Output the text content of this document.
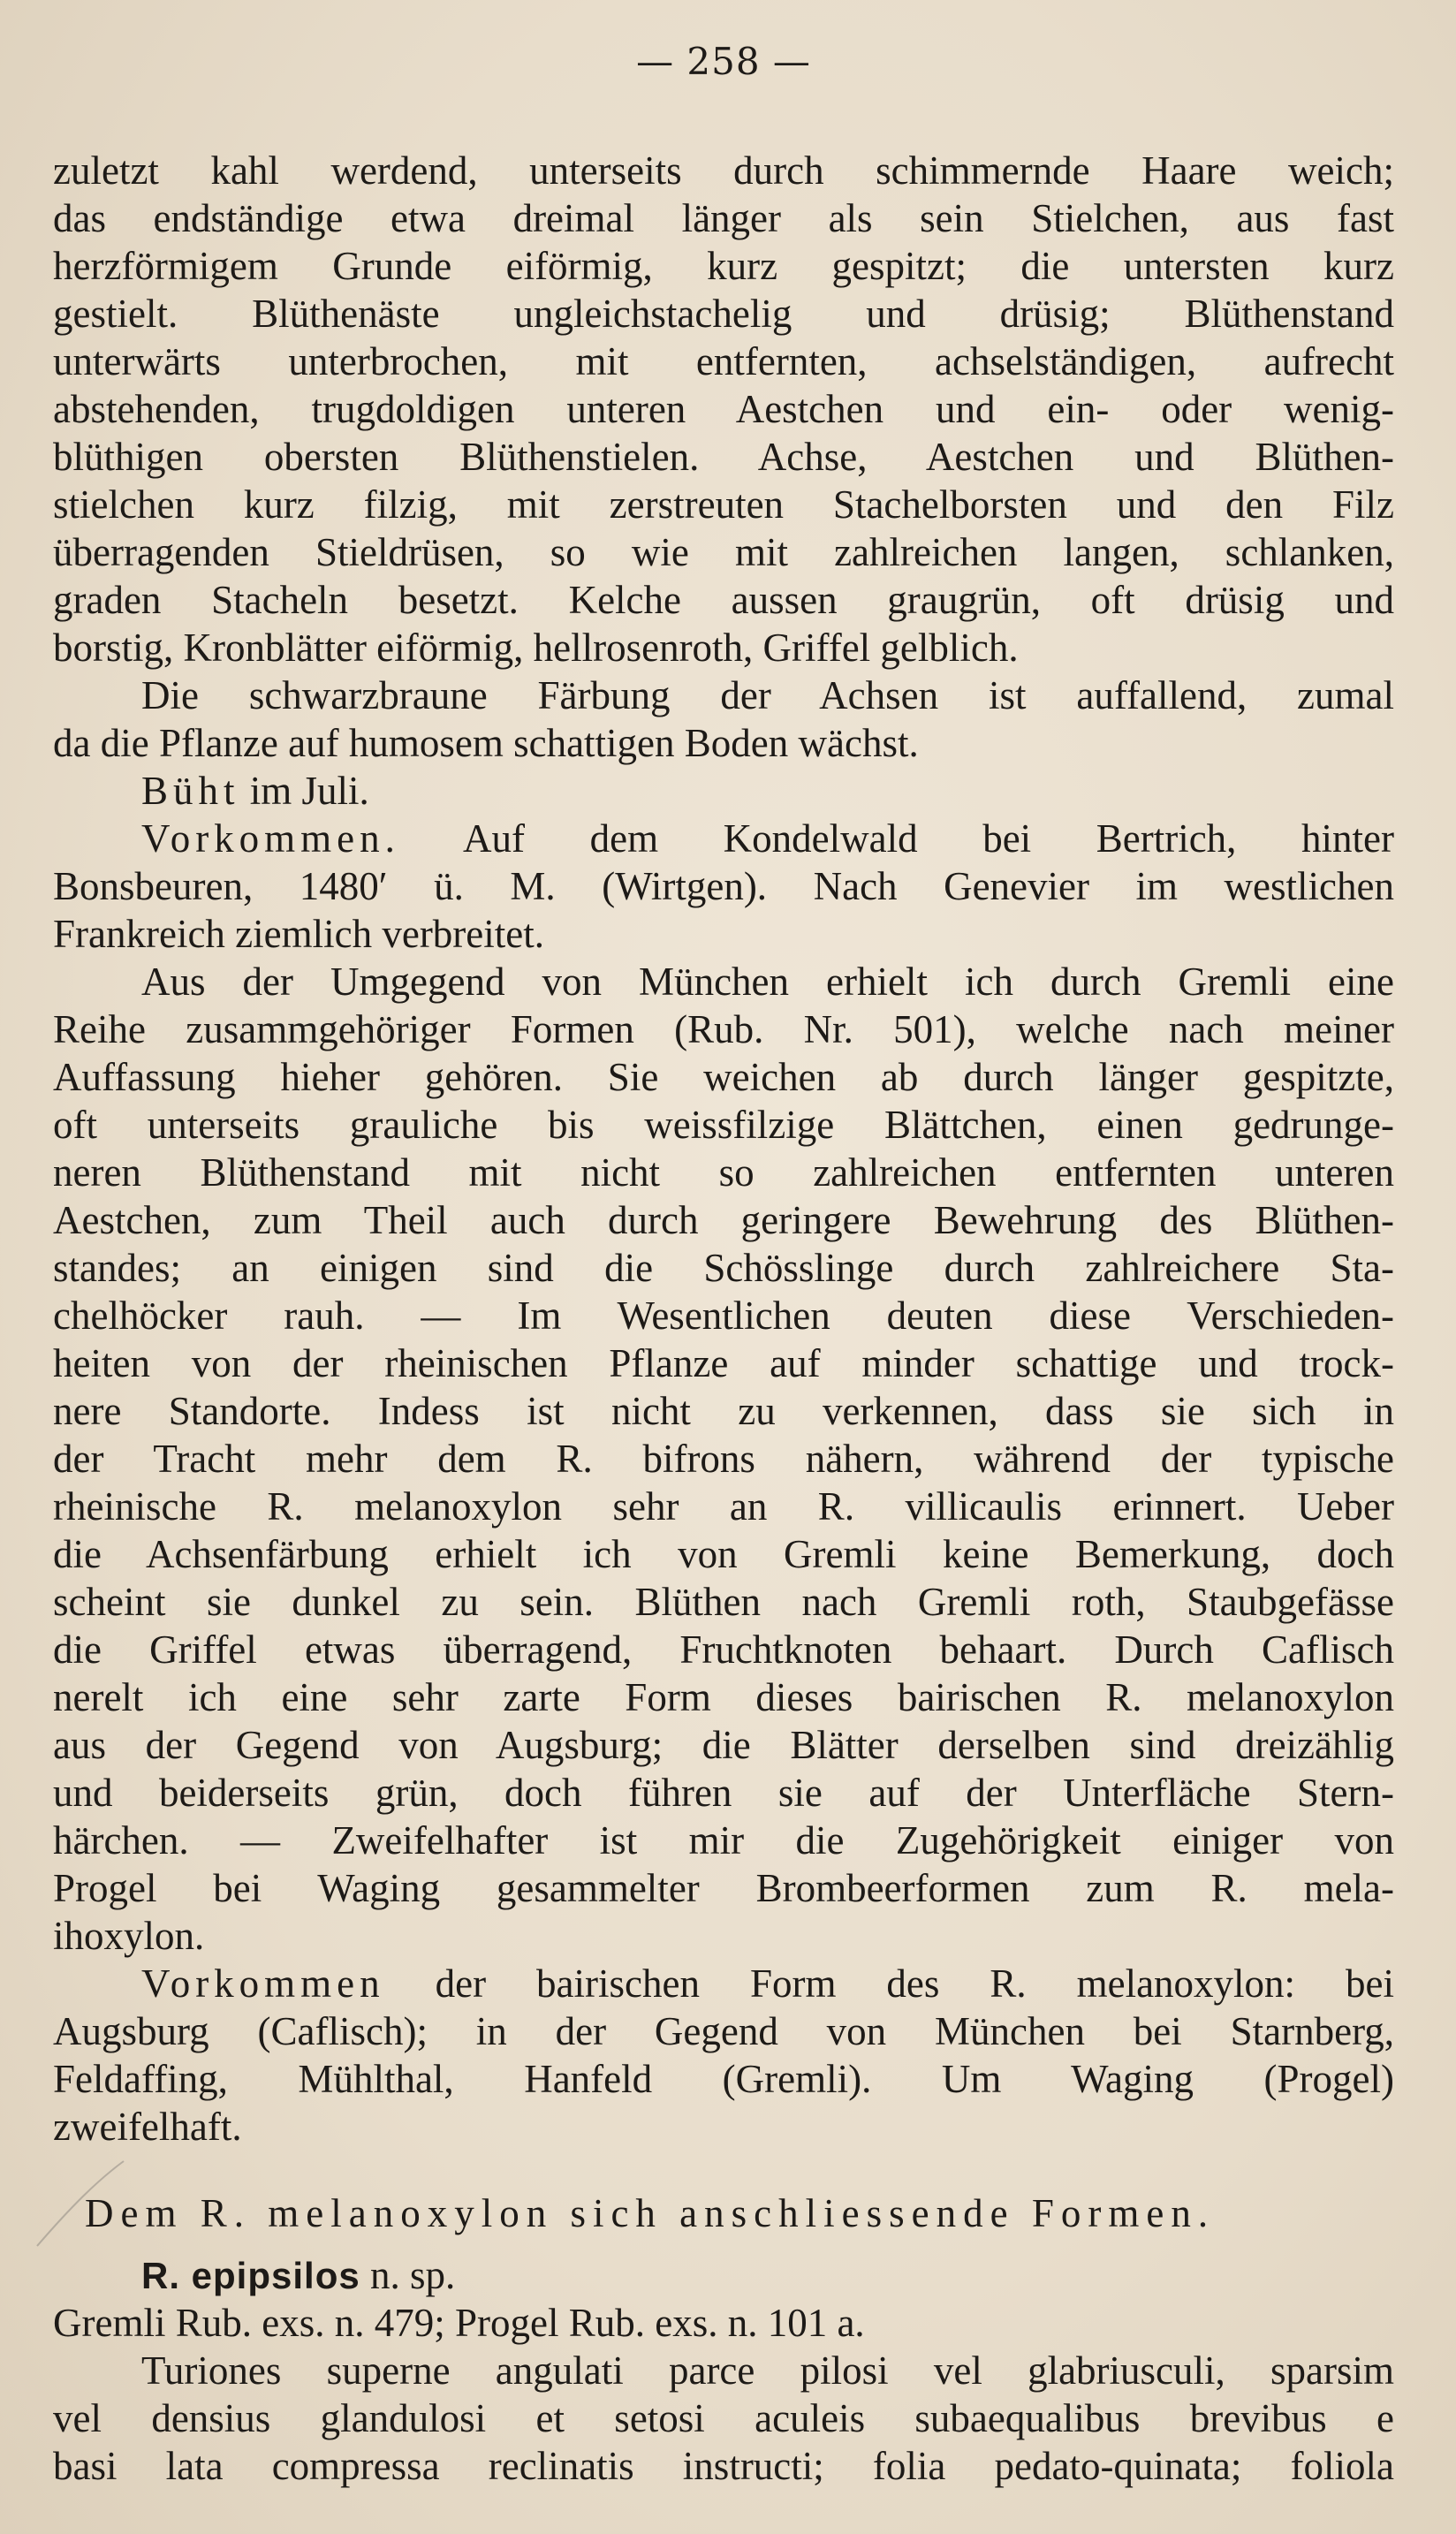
— 258 —
zuletzt kahl werdend, unterseits durch schimmernde Haare weich;
das endständige etwa dreimal länger als sein Stielchen, aus fast
herzförmigem Grunde eiförmig, kurz gespitzt; die untersten kurz
gestielt. Blüthenäste ungleichstachelig und drüsig; Blüthenstand
unterwärts unterbrochen, mit entfernten, achselständigen, aufrecht
abstehenden, trugdoldigen unteren Aestchen und ein- oder wenig-
blüthigen obersten Blüthenstielen. Achse, Aestchen und Blüthen-
stielchen kurz filzig, mit zerstreuten Stachelborsten und den Filz
überragenden Stieldrüsen, so wie mit zahlreichen langen, schlanken,
graden Stacheln besetzt. Kelche aussen graugrün, oft drüsig und
borstig, Kronblätter eiförmig, hellrosenroth, Griffel gelblich.
Die schwarzbraune Färbung der Achsen ist auffallend, zumal
da die Pflanze auf humosem schattigen Boden wächst.
Büht im Juli.
Vorkommen. Auf dem Kondelwald bei Bertrich, hinter
Bonsbeuren, 1480′ ü. M. (Wirtgen). Nach Genevier im westlichen
Frankreich ziemlich verbreitet.
Aus der Umgegend von München erhielt ich durch Gremli eine
Reihe zusammgehöriger Formen (Rub. Nr. 501), welche nach meiner
Auffassung hieher gehören. Sie weichen ab durch länger gespitzte,
oft unterseits grauliche bis weissfilzige Blättchen, einen gedrunge-
neren Blüthenstand mit nicht so zahlreichen entfernten unteren
Aestchen, zum Theil auch durch geringere Bewehrung des Blüthen-
standes; an einigen sind die Schösslinge durch zahlreichere Sta-
chelhöcker rauh. — Im Wesentlichen deuten diese Verschieden-
heiten von der rheinischen Pflanze auf minder schattige und trock-
nere Standorte. Indess ist nicht zu verkennen, dass sie sich in
der Tracht mehr dem R. bifrons nähern, während der typische
rheinische R. melanoxylon sehr an R. villicaulis erinnert. Ueber
die Achsenfärbung erhielt ich von Gremli keine Bemerkung, doch
scheint sie dunkel zu sein. Blüthen nach Gremli roth, Staubgefässe
die Griffel etwas überragend, Fruchtknoten behaart. Durch Caflisch
nerelt ich eine sehr zarte Form dieses bairischen R. melanoxylon
aus der Gegend von Augsburg; die Blätter derselben sind dreizählig
und beiderseits grün, doch führen sie auf der Unterfläche Stern-
härchen. — Zweifelhafter ist mir die Zugehörigkeit einiger von
Progel bei Waging gesammelter Brombeerformen zum R. mela-
ihoxylon.
Vorkommen der bairischen Form des R. melanoxylon: bei
Augsburg (Caflisch); in der Gegend von München bei Starnberg,
Feldaffing, Mühlthal, Hanfeld (Gremli). Um Waging (Progel)
zweifelhaft.
Dem R. melanoxylon sich anschliessende Formen.
R. epipsilos n. sp.
Gremli Rub. exs. n. 479; Progel Rub. exs. n. 101 a.
Turiones superne angulati parce pilosi vel glabriusculi, sparsim
vel densius glandulosi et setosi aculeis subaequalibus brevibus e
basi lata compressa reclinatis instructi; folia pedato-quinata; foliola
